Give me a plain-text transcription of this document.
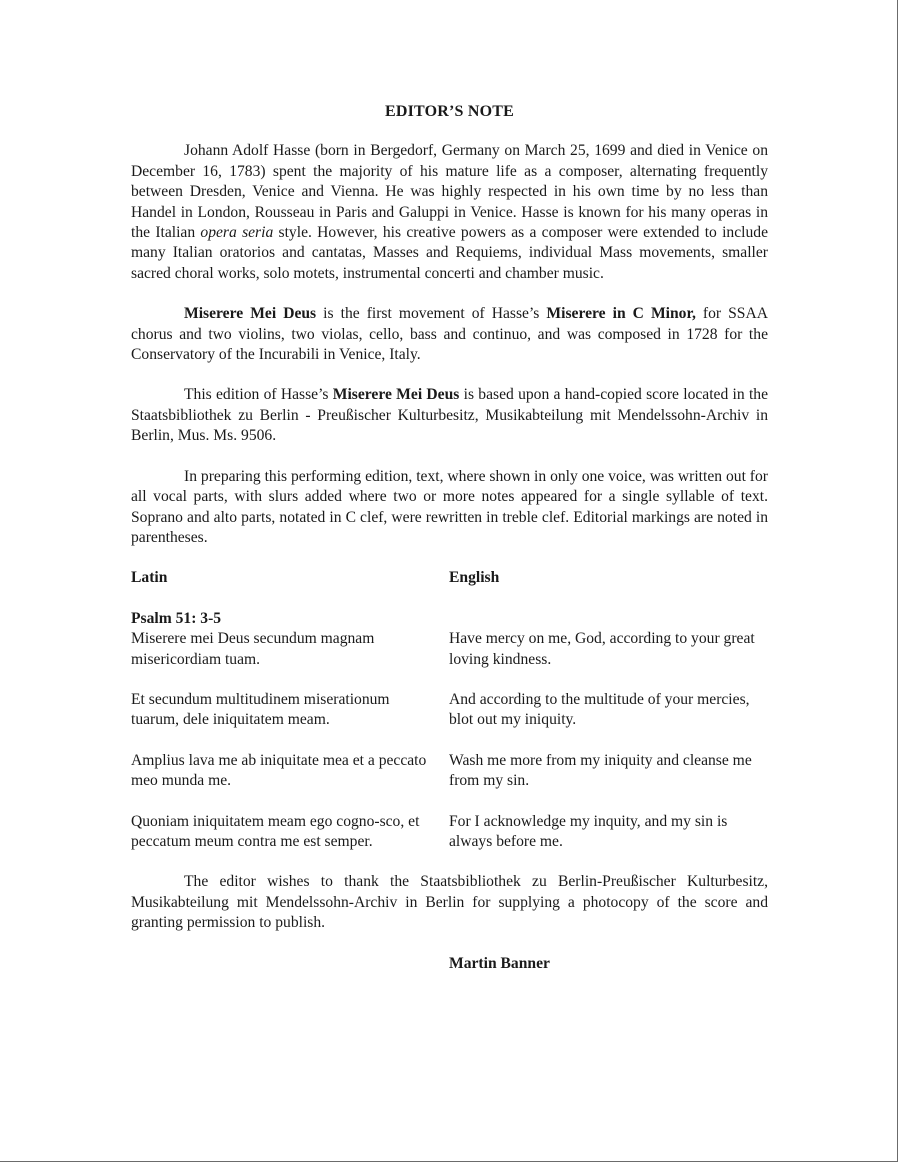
EDITOR’S NOTE

Johann Adolf Hasse (born in Bergedorf, Germany on March 25, 1699 and died in Venice on December 16, 1783) spent the majority of his mature life as a composer, alternating frequently between Dresden, Venice and Vienna. He was highly respected in his own time by no less than Handel in London, Rousseau in Paris and Galuppi in Venice. Hasse is known for his many operas in the Italian opera seria style. However, his creative powers as a composer were extended to include many Italian oratorios and cantatas, Masses and Requiems, individual Mass movements, smaller sacred choral works, solo motets, instrumental concerti and chamber music.

Miserere Mei Deus is the first movement of Hasse’s Miserere in C Minor, for SSAA chorus and two violins, two violas, cello, bass and continuo, and was composed in 1728 for the Conservatory of the Incurabili in Venice, Italy.

This edition of Hasse’s Miserere Mei Deus is based upon a hand-copied score located in the Staatsbibliothek zu Berlin - Preußischer Kulturbesitz, Musikabteilung mit Mendelssohn-Archiv in Berlin, Mus. Ms. 9506.

In preparing this performing edition, text, where shown in only one voice, was written out for all vocal parts, with slurs added where two or more notes appeared for a single syllable of text. Soprano and alto parts, notated in C clef, were rewritten in treble clef. Editorial markings are noted in parentheses.

Latin	English
Psalm 51: 3-5
Miserere mei Deus secundum magnam misericordiam tuam.
Have mercy on me, God, according to your great loving kindness.
Et secundum multitudinem miserationum tuarum, dele iniquitatem meam.
And according to the multitude of your mercies, blot out my iniquity.
Amplius lava me ab iniquitate mea et a peccato meo munda me.
Wash me more from my iniquity and cleanse me from my sin.
Quoniam iniquitatem meam ego cogno-sco, et peccatum meum contra me est semper.
For I acknowledge my inquity, and my sin is always before me.

The editor wishes to thank the Staatsbibliothek zu Berlin-Preußischer Kulturbesitz, Musikabteilung mit Mendelssohn-Archiv in Berlin for supplying a photocopy of the score and granting permission to publish.

Martin Banner
